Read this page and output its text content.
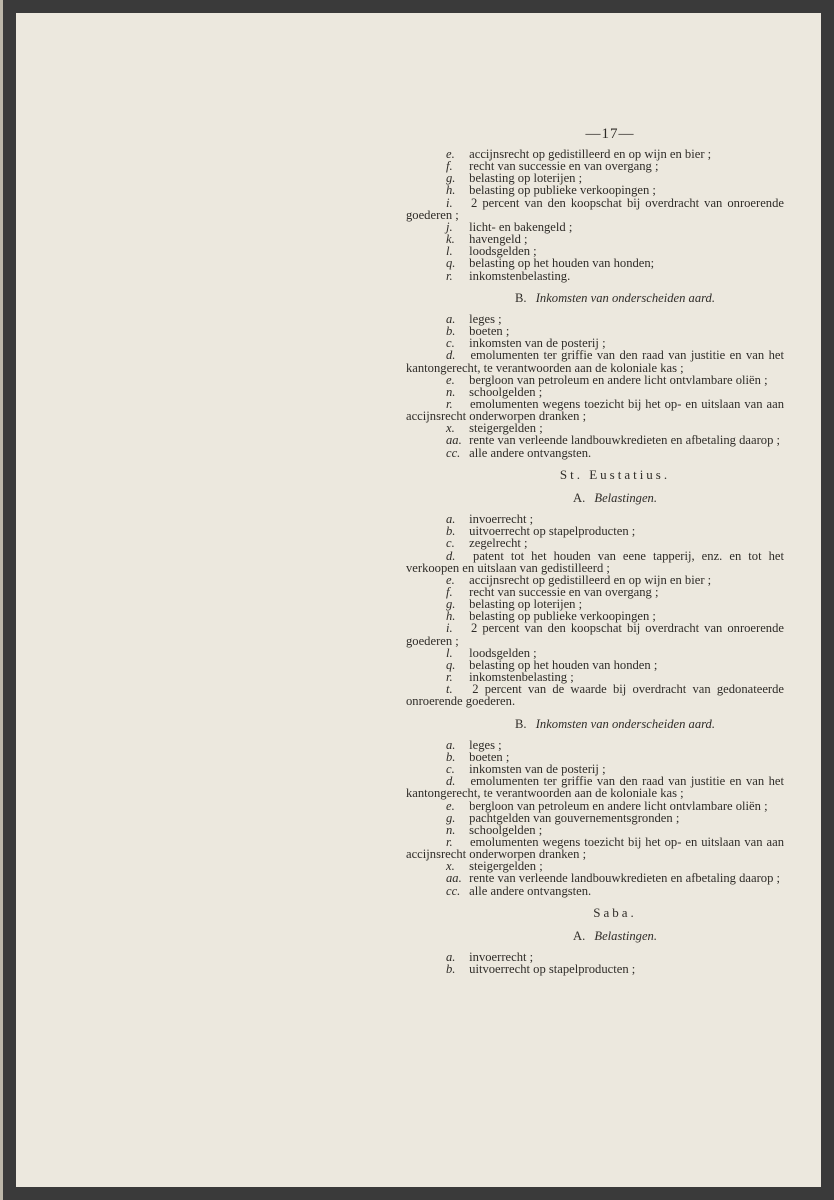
—17—

e. accijnsrecht op gedistilleerd en op wijn en bier ;

f. recht van successie en van overgang ;

g. belasting op loterijen ;

h. belasting op publieke verkoopingen ;

i. 2 percent van den koopschat bij overdracht van onroerende goederen ;

j. licht- en bakengeld ;

k. havengeld ;

l. loodsgelden ;

q. belasting op het houden van honden;

r. inkomstenbelasting.

B. Inkomsten van onderscheiden aard.

a. leges ;

b. boeten ;

c. inkomsten van de posterij ;

d. emolumenten ter griffie van den raad van justitie en van het kantongerecht, te verantwoorden aan de koloniale kas ;

e. bergloon van petroleum en andere licht ontvlambare oliën ;

n. schoolgelden ;

r. emolumenten wegens toezicht bij het op- en uitslaan van aan accijnsrecht onderworpen dranken ;

x. steigergelden ;

aa. rente van verleende landbouwkredieten en afbetaling daarop ;

cc. alle andere ontvangsten.

St. Eustatius.
A. Belastingen.

a. invoerrecht ;

b. uitvoerrecht op stapelproducten ;

c. zegelrecht ;

d. patent tot het houden van eene tapperij, enz. en tot het verkoopen en uitslaan van gedistilleerd ;

e. accijnsrecht op gedistilleerd en op wijn en bier ;

f. recht van successie en van overgang ;

g. belasting op loterijen ;

h. belasting op publieke verkoopingen ;

i. 2 percent van den koopschat bij overdracht van onroerende goederen ;

l. loodsgelden ;

q. belasting op het houden van honden ;

r. inkomstenbelasting ;

t. 2 percent van de waarde bij overdracht van gedonateerde onroerende goederen.

B. Inkomsten van onderscheiden aard.

a. leges ;

b. boeten ;

c. inkomsten van de posterij ;

d. emolumenten ter griffie van den raad van justitie en van het kantongerecht, te verantwoorden aan de koloniale kas ;

e. bergloon van petroleum en andere licht ontvlambare oliën ;

g. pachtgelden van gouvernementsgronden ;

n. schoolgelden ;

r. emolumenten wegens toezicht bij het op- en uitslaan van aan accijnsrecht onderworpen dranken ;

x. steigergelden ;

aa. rente van verleende landbouwkredieten en afbetaling daarop ;

cc. alle andere ontvangsten.

Saba.
A. Belastingen.

a. invoerrecht ;

b. uitvoerrecht op stapelproducten ;
